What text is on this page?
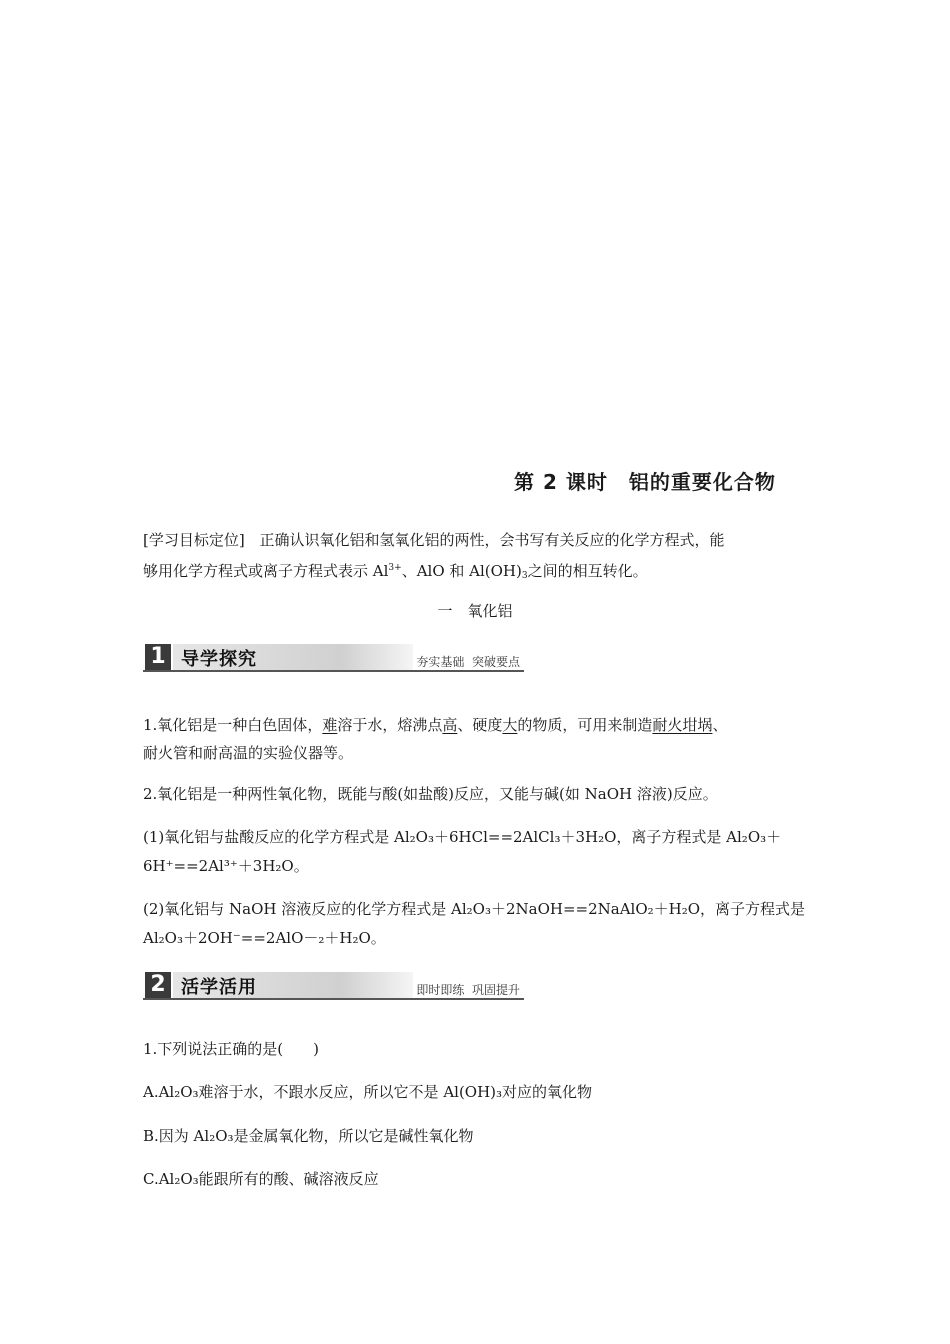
第 2 课时　铝的重要化合物
[学习目标定位] 正确认识氧化铝和氢氧化铝的两性，会书写有关反应的化学方程式，能
够用化学方程式或离子方程式表示 $Al^{3+}$、AlO 和 $Al(OH)_3$之间的相互转化。
一　氧化铝
1 导学探究	夯实基础  突破要点
1.氧化铝是一种白色固体，难溶于水，熔沸点高、硬度大的物质，可用来制造耐火坩埚、
耐火管和耐高温的实验仪器等。
2.氧化铝是一种两性氧化物，既能与酸(如盐酸)反应，又能与碱(如 NaOH 溶液)反应。
(1)氧化铝与盐酸反应的化学方程式是 Al₂O₃＋6HCl==2AlCl₃＋3H₂O，离子方程式是 Al₂O₃＋
6H⁺==2Al³⁺＋3H₂O。
(2)氧化铝与 NaOH 溶液反应的化学方程式是 Al₂O₃＋2NaOH==2NaAlO₂＋H₂O，离子方程式是
Al₂O₃＋2OH⁻==2AlO－₂＋H₂O。
2 活学活用	即时即练  巩固提升
1.下列说法正确的是(　　)
A.Al₂O₃难溶于水，不跟水反应，所以它不是 Al(OH)₃对应的氧化物
B.因为 Al₂O₃是金属氧化物，所以它是碱性氧化物
C.Al₂O₃能跟所有的酸、碱溶液反应
